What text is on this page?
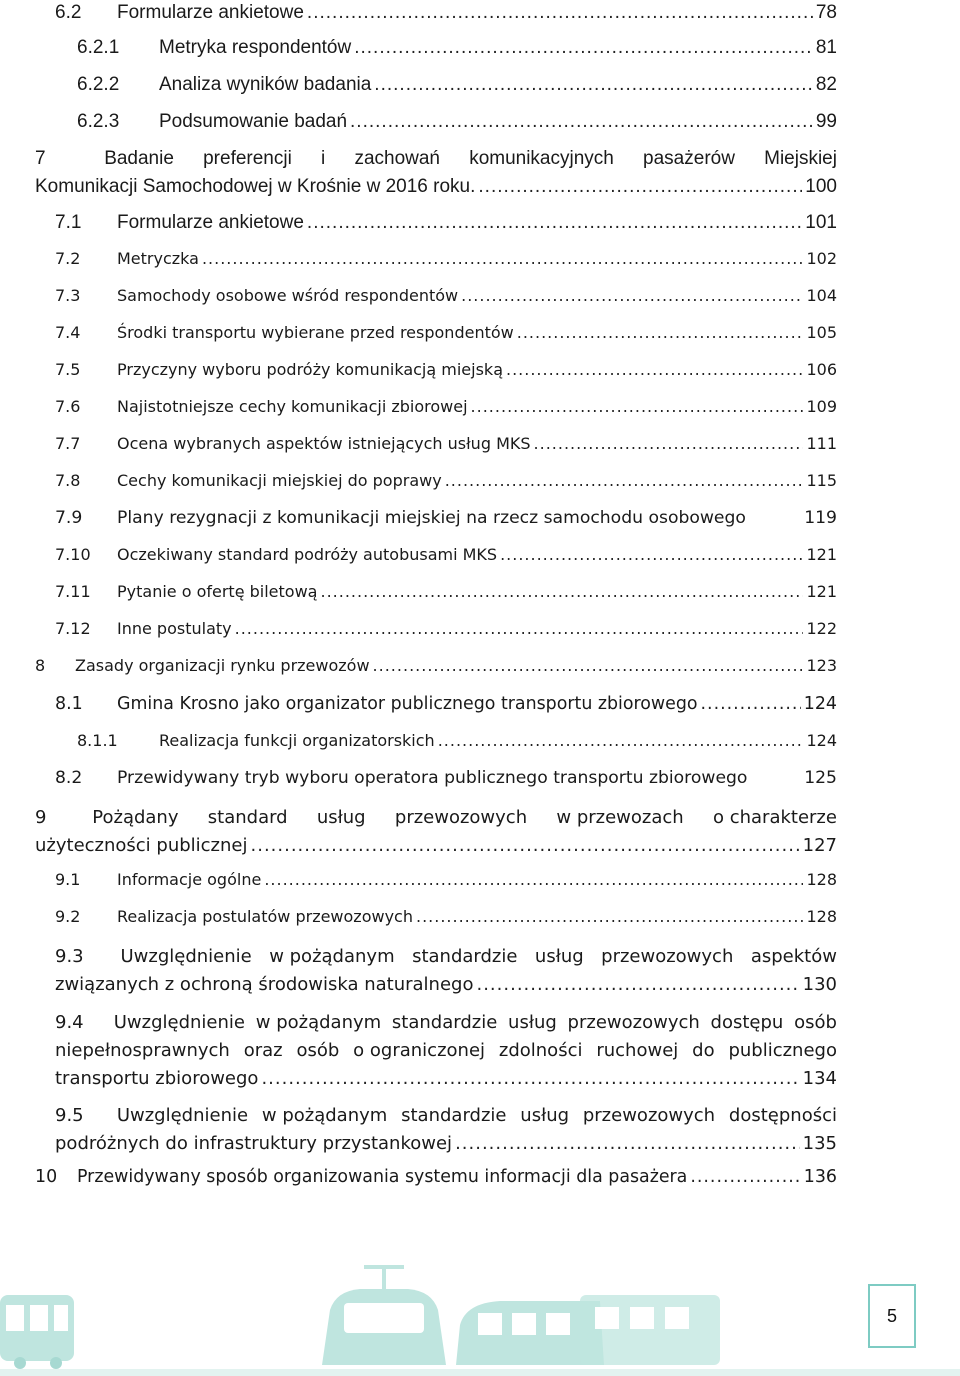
6.2	Formularze ankietowe .....	78
6.2.1	Metryka respondentów .....	81
6.2.2	Analiza wyników badania .....	82
6.2.3	Podsumowanie badań .....	99
7	Badanie preferencji i zachowań komunikacyjnych pasażerów Miejskiej
Komunikacji Samochodowej w Krośnie w 2016 roku. .....	100
7.1	Formularze ankietowe .....	101
7.2	Metryczka .....	102
7.3	Samochody osobowe wśród respondentów .....	104
7.4	Środki transportu wybierane przed respondentów .....	105
7.5	Przyczyny wyboru podróży komunikacją miejską .....	106
7.6	Najistotniejsze cechy komunikacji zbiorowej .....	109
7.7	Ocena wybranych aspektów istniejących usług MKS .....	111
7.8	Cechy komunikacji miejskiej do poprawy .....	115
7.9	Plany rezygnacji z komunikacji miejskiej na rzecz samochodu osobowego	119
7.10	Oczekiwany standard podróży autobusami MKS .....	121
7.11	Pytanie o ofertę biletową .....	121
7.12	Inne postulaty .....	122
8	Zasady organizacji rynku przewozów .....	123
8.1	Gmina Krosno jako organizator publicznego transportu zbiorowego .....	124
8.1.1	Realizacja funkcji organizatorskich .....	124
8.2	Przewidywany tryb wyboru operatora publicznego transportu zbiorowego	125
9	Pożądany standard usług przewozowych w przewozach o charakterze
użyteczności publicznej .....	127
9.1	Informacje ogólne .....	128
9.2	Realizacja postulatów przewozowych .....	128
9.3	Uwzględnienie w pożądanym standardzie usług przewozowych aspektów
związanych z ochroną środowiska naturalnego .....	130
9.4	Uwzględnienie w pożądanym standardzie usług przewozowych dostępu osób
niepełnosprawnych oraz osób o ograniczonej zdolności ruchowej do publicznego
transportu zbiorowego .....	134
9.5	Uwzględnienie w pożądanym standardzie usług przewozowych dostępności
podróżnych do infrastruktury przystankowej .....	135
10	Przewidywany sposób organizowania systemu informacji dla pasażera .....	136
5
